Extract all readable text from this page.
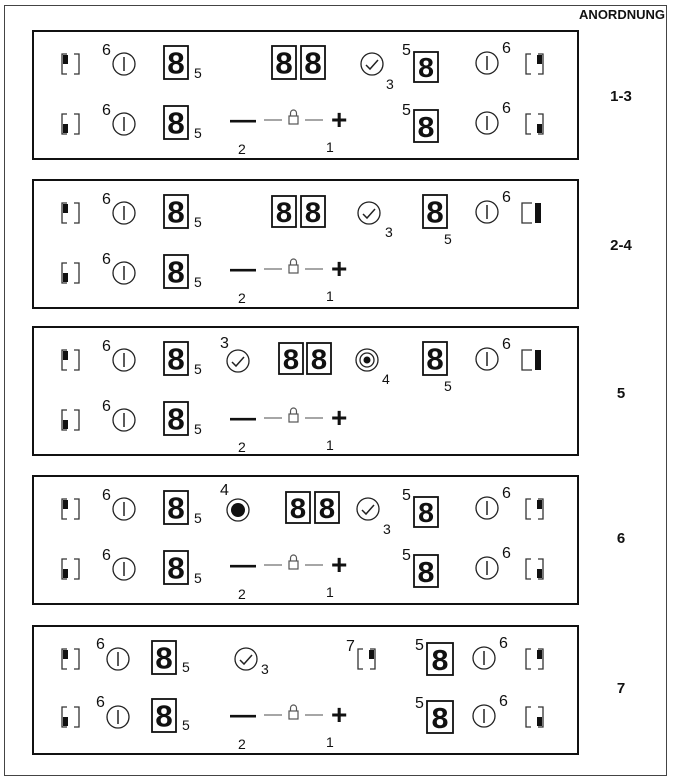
ANORDNUNG
6 8 5 8 8
3
5
8
6
6 8 5 —
2
+
1
5
8
6
6 8 5 8 8
3 8
5
6
6 8 5 —
2
+
1
6 8 5
3
8 8
4 8
5
6
6 8 5 —
2
+
1
6 8 5
4
8 8
3
5
8
6
6 8 5 —
2
+
1
5
8
6
6 8 5	3
7	5
8
6
6 8 5 —
2
+
1
5
8
6
1-3
2-4
5
6
7
